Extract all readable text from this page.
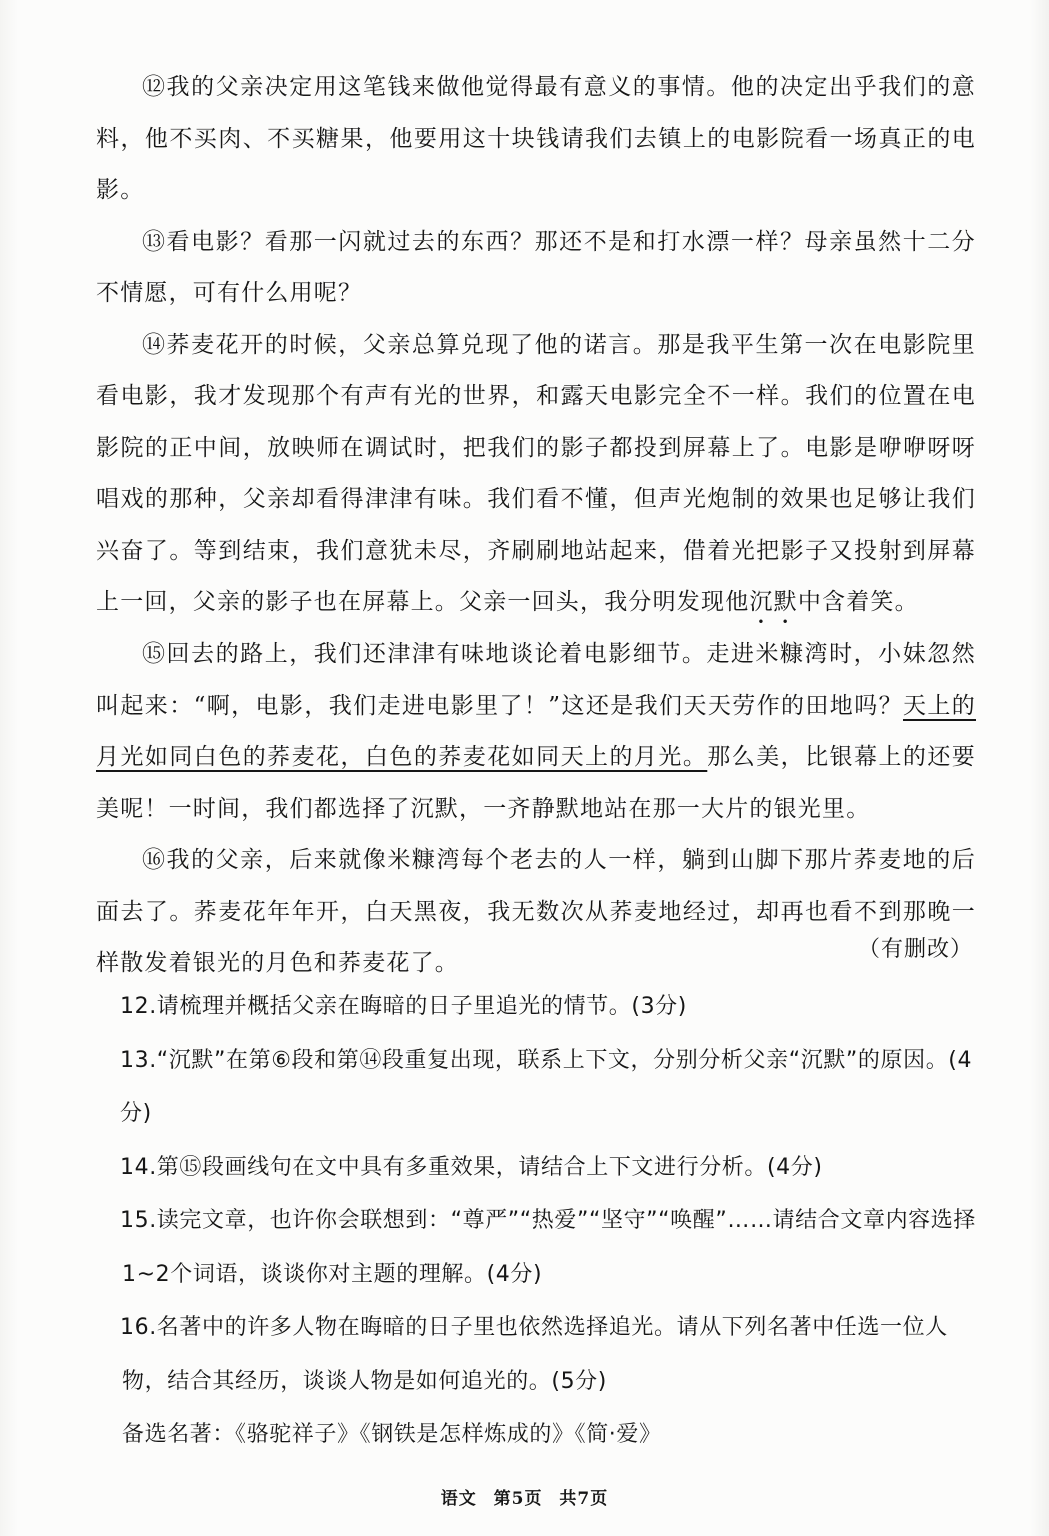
⑫我的父亲决定用这笔钱来做他觉得最有意义的事情。他的决定出乎我们的意料，他不买肉、不买糖果，他要用这十块钱请我们去镇上的电影院看一场真正的电影。

⑬看电影？看那一闪就过去的东西？那还不是和打水漂一样？母亲虽然十二分不情愿，可有什么用呢？

⑭荞麦花开的时候，父亲总算兑现了他的诺言。那是我平生第一次在电影院里看电影，我才发现那个有声有光的世界，和露天电影完全不一样。我们的位置在电影院的正中间，放映师在调试时，把我们的影子都投到屏幕上了。电影是咿咿呀呀唱戏的那种，父亲却看得津津有味。我们看不懂，但声光炮制的效果也足够让我们兴奋了。等到结束，我们意犹未尽，齐刷刷地站起来，借着光把影子又投射到屏幕上一回，父亲的影子也在屏幕上。父亲一回头，我分明发现他沉默中含着笑。

⑮回去的路上，我们还津津有味地谈论着电影细节。走进米糠湾时，小妹忽然叫起来：“啊，电影，我们走进电影里了！”这还是我们天天劳作的田地吗？天上的月光如同白色的荞麦花，白色的荞麦花如同天上的月光。那么美，比银幕上的还要美呢！一时间，我们都选择了沉默，一齐静默地站在那一大片的银光里。

⑯我的父亲，后来就像米糠湾每个老去的人一样，躺到山脚下那片荞麦地的后面去了。荞麦花年年开，白天黑夜，我无数次从荞麦地经过，却再也看不到那晚一样散发着银光的月色和荞麦花了。

（有删改）

12.请梳理并概括父亲在晦暗的日子里追光的情节。(3分)

13.“沉默”在第⑥段和第⑭段重复出现，联系上下文，分别分析父亲“沉默”的原因。(4分)

14.第⑮段画线句在文中具有多重效果，请结合上下文进行分析。(4分)

15.读完文章，也许你会联想到：“尊严”“热爱”“坚守”“唤醒”……请结合文章内容选择
1~2个词语，谈谈你对主题的理解。(4分)

16.名著中的许多人物在晦暗的日子里也依然选择追光。请从下列名著中任选一位人
物，结合其经历，谈谈人物是如何追光的。(5分)

备选名著：《骆驼祥子》《钢铁是怎样炼成的》《简·爱》

语文 第5页 共7页
